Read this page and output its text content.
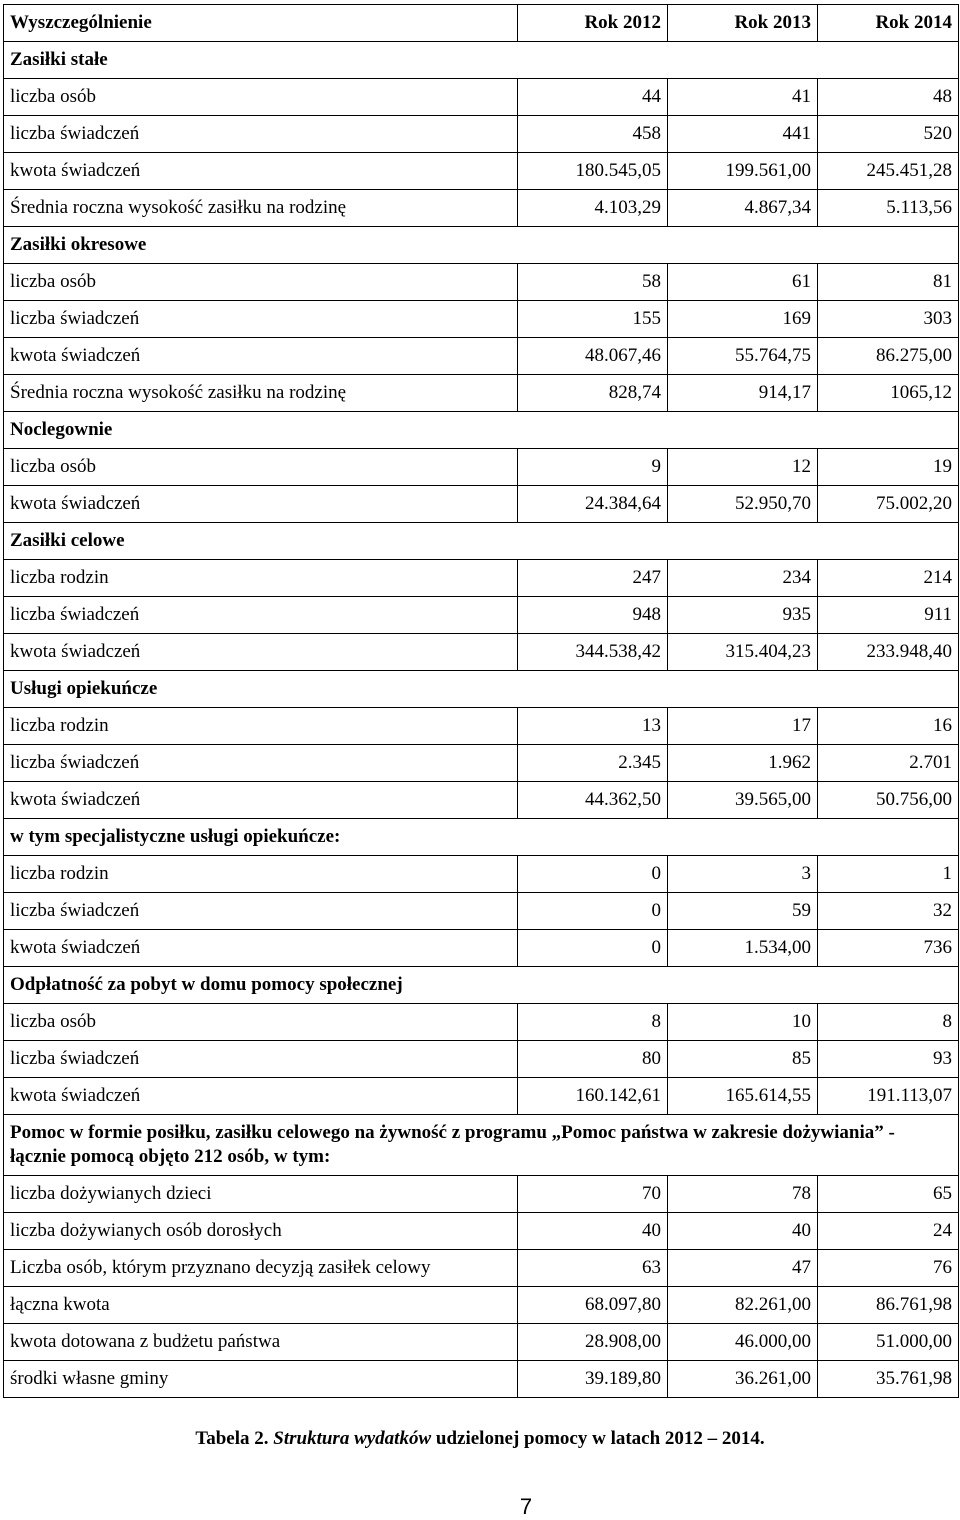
Wyszczególnienie	Rok 2012	Rok 2013	Rok 2014
Zasiłki stałe			
liczba osób	44	41	48
liczba świadczeń	458	441	520
kwota świadczeń	180.545,05	199.561,00	245.451,28
Średnia roczna wysokość zasiłku na rodzinę	4.103,29	4.867,34	5.113,56
Zasiłki okresowe			
liczba osób	58	61	81
liczba świadczeń	155	169	303
kwota świadczeń	48.067,46	55.764,75	86.275,00
Średnia roczna wysokość zasiłku na rodzinę	828,74	914,17	1065,12
Noclegownie			
liczba osób	9	12	19
kwota świadczeń	24.384,64	52.950,70	75.002,20
Zasiłki celowe			
liczba rodzin	247	234	214
liczba świadczeń	948	935	911
kwota świadczeń	344.538,42	315.404,23	233.948,40
Usługi opiekuńcze			
liczba rodzin	13	17	16
liczba świadczeń	2.345	1.962	2.701
kwota świadczeń	44.362,50	39.565,00	50.756,00
w tym specjalistyczne usługi opiekuńcze:			
liczba rodzin	0	3	1
liczba świadczeń	0	59	32
kwota świadczeń	0	1.534,00	736
Odpłatność za pobyt w domu pomocy społecznej			
liczba osób	8	10	8
liczba świadczeń	80	85	93
kwota świadczeń	160.142,61	165.614,55	191.113,07
Pomoc w formie posiłku, zasiłku celowego na żywność z programu „Pomoc państwa w zakresie dożywiania” - łącznie pomocą objęto 212 osób, w tym:			
liczba dożywianych dzieci	70	78	65
liczba dożywianych osób dorosłych	40	40	24
Liczba osób, którym przyznano decyzją zasiłek celowy	63	47	76
łączna kwota	68.097,80	82.261,00	86.761,98
kwota dotowana z budżetu państwa	28.908,00	46.000,00	51.000,00
środki własne gminy	39.189,80	36.261,00	35.761,98
Tabela 2. Struktura wydatków udzielonej pomocy w latach 2012 – 2014.
7
